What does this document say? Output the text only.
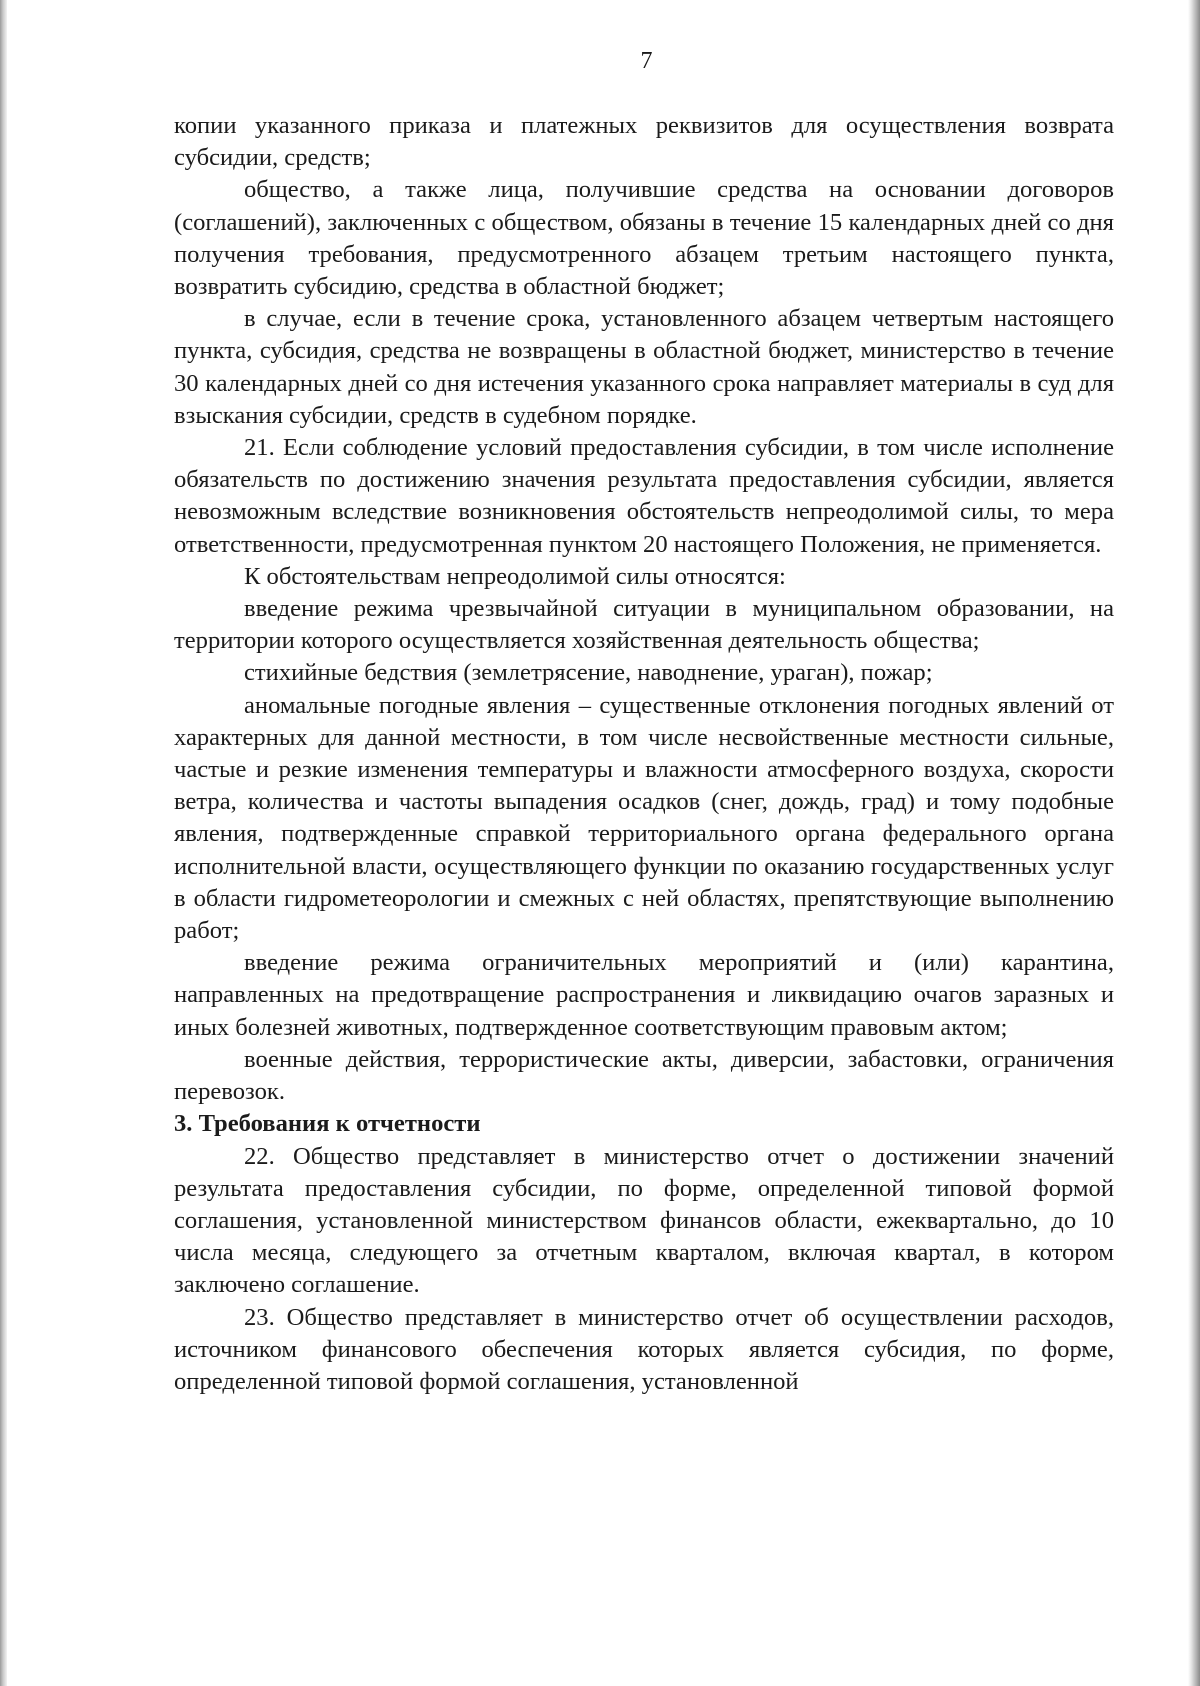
7

копии указанного приказа и платежных реквизитов для осуществления возврата субсидии, средств;

общество, а также лица, получившие средства на основании договоров (соглашений), заключенных с обществом, обязаны в течение 15 календарных дней со дня получения требования, предусмотренного абзацем третьим настоящего пункта, возвратить субсидию, средства в областной бюджет;

в случае, если в течение срока, установленного абзацем четвертым настоящего пункта, субсидия, средства не возвращены в областной бюджет, министерство в течение 30 календарных дней со дня истечения указанного срока направляет материалы в суд для взыскания субсидии, средств в судебном порядке.

21. Если соблюдение условий предоставления субсидии, в том числе исполнение обязательств по достижению значения результата предоставления субсидии, является невозможным вследствие возникновения обстоятельств непреодолимой силы, то мера ответственности, предусмотренная пунктом 20 настоящего Положения, не применяется.

К обстоятельствам непреодолимой силы относятся:

введение режима чрезвычайной ситуации в муниципальном образовании, на территории которого осуществляется хозяйственная деятельность общества;

стихийные бедствия (землетрясение, наводнение, ураган), пожар;

аномальные погодные явления – существенные отклонения погодных явлений от характерных для данной местности, в том числе несвойственные местности сильные, частые и резкие изменения температуры и влажности атмосферного воздуха, скорости ветра, количества и частоты выпадения осадков (снег, дождь, град) и тому подобные явления, подтвержденные справкой территориального органа федерального органа исполнительной власти, осуществляющего функции по оказанию государственных услуг в области гидрометеорологии и смежных с ней областях, препятствующие выполнению работ;

введение режима ограничительных мероприятий и (или) карантина, направленных на предотвращение распространения и ликвидацию очагов заразных и иных болезней животных, подтвержденное соответствующим правовым актом;

военные действия, террористические акты, диверсии, забастовки, ограничения перевозок.

3. Требования к отчетности

22. Общество представляет в министерство отчет о достижении значений результата предоставления субсидии, по форме, определенной типовой формой соглашения, установленной министерством финансов области, ежеквартально, до 10 числа месяца, следующего за отчетным кварталом, включая квартал, в котором заключено соглашение.

23. Общество представляет в министерство отчет об осуществлении расходов, источником финансового обеспечения которых является субсидия, по форме, определенной типовой формой соглашения, установленной
